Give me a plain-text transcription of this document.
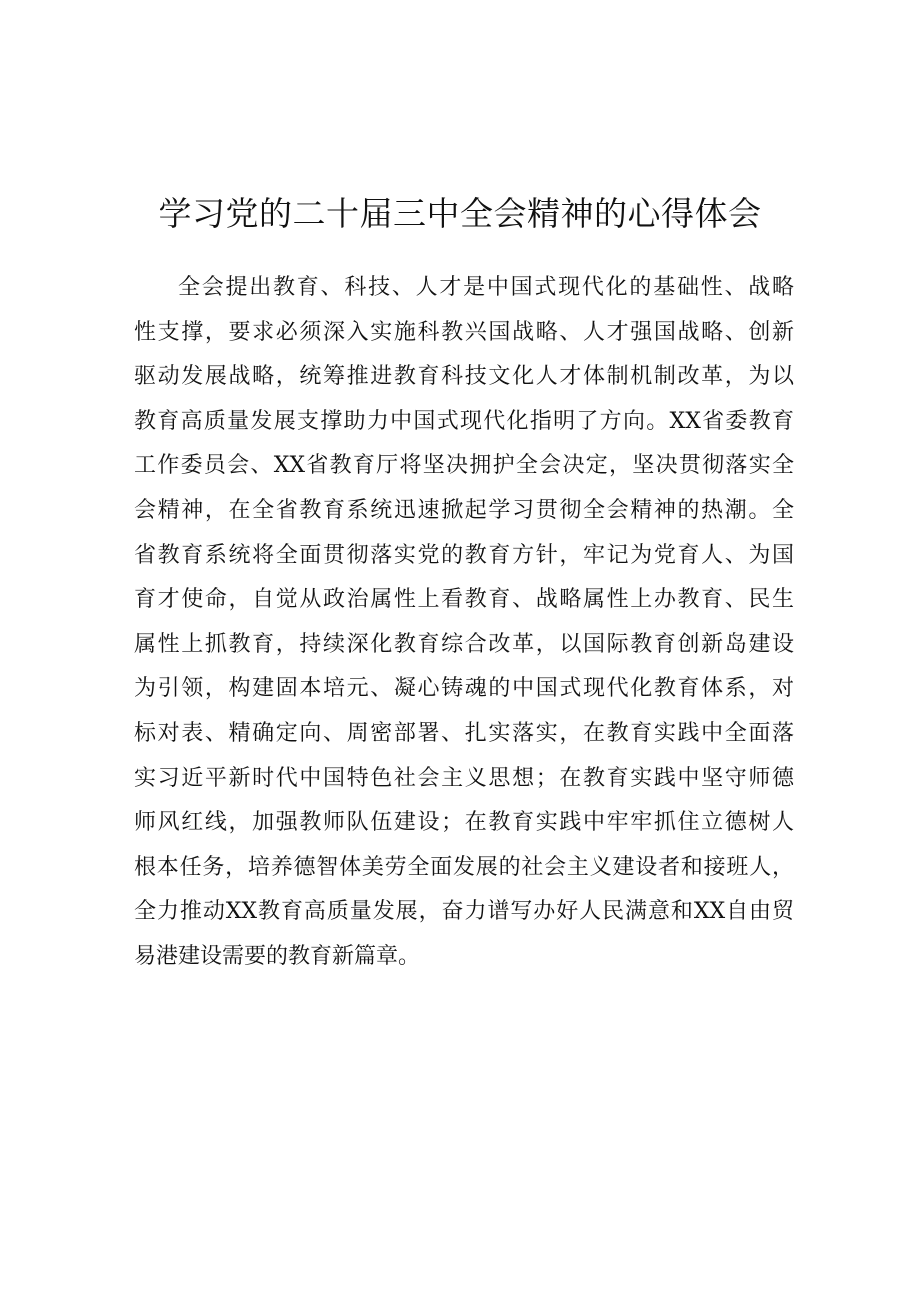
学习党的二十届三中全会精神的心得体会
全会提出教育、科技、人才是中国式现代化的基础性、战略
性支撑，要求必须深入实施科教兴国战略、人才强国战略、创新
驱动发展战略，统筹推进教育科技文化人才体制机制改革，为以
教育高质量发展支撑助力中国式现代化指明了方向。XX省委教育
工作委员会、XX省教育厅将坚决拥护全会决定，坚决贯彻落实全
会精神，在全省教育系统迅速掀起学习贯彻全会精神的热潮。全
省教育系统将全面贯彻落实党的教育方针，牢记为党育人、为国
育才使命，自觉从政治属性上看教育、战略属性上办教育、民生
属性上抓教育，持续深化教育综合改革，以国际教育创新岛建设
为引领，构建固本培元、凝心铸魂的中国式现代化教育体系，对
标对表、精确定向、周密部署、扎实落实，在教育实践中全面落
实习近平新时代中国特色社会主义思想；在教育实践中坚守师德
师风红线，加强教师队伍建设；在教育实践中牢牢抓住立德树人
根本任务，培养德智体美劳全面发展的社会主义建设者和接班人，
全力推动XX教育高质量发展，奋力谱写办好人民满意和XX自由贸
易港建设需要的教育新篇章。
